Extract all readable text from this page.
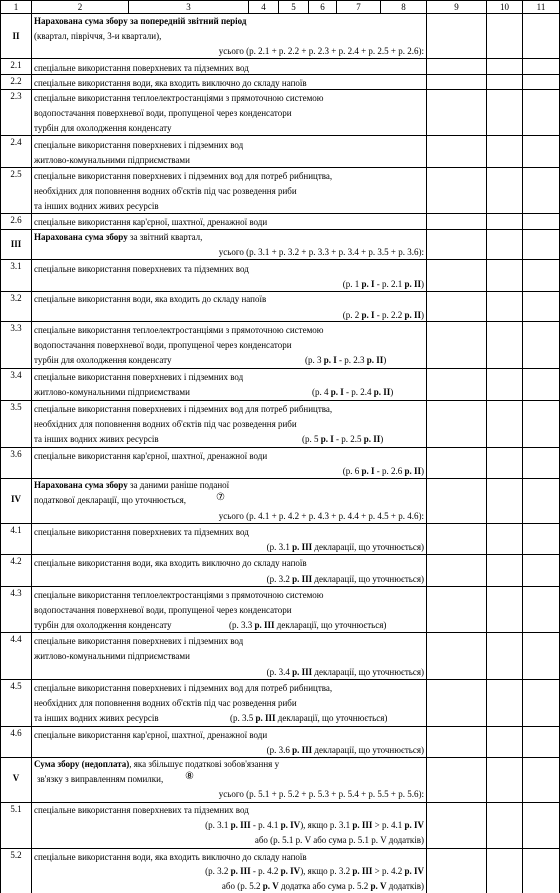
1	2	3	4	5	6	7	8	9	10	11
II
Нарахована сума збору за попередній звітний період
(квартал, півріччя, 3-и квартали),
усього (р. 2.1 + р. 2.2 + р. 2.3 + р. 2.4 + р. 2.5 + р. 2.6):
2.1	спеціальне використання поверхневих та підземних вод
2.2	спеціальне використання води, яка входить виключно до складу напоїв
2.3	спеціальне використання теплоелектростанціями з прямоточною системою
водопостачання поверхневої води, пропущеної через конденсатори
турбін для охолодження конденсату
2.4	спеціальне використання поверхневих і підземних вод
житлово-комунальними підприємствами
2.5	спеціальне використання поверхневих і підземних вод для потреб рибництва,
необхідних для поповнення водних об'єктів під час розведення риби
та інших водних живих ресурсів
2.6	спеціальне використання кар'єрної, шахтної, дренажної води
III
Нарахована сума збору за звітний квартал,
усього (р. 3.1 + р. 3.2 + р. 3.3 + р. 3.4 + р. 3.5 + р. 3.6):
3.1	спеціальне використання поверхневих та підземних вод
(р. 1 р. I - р. 2.1 р. II)
3.2	спеціальне використання води, яка входить до складу напоїв
(р. 2 р. I - р. 2.2 р. II)
3.3	спеціальне використання теплоелектростанціями з прямоточною системою
водопостачання поверхневої води, пропущеної через конденсатори
турбін для охолодження конденсату	(р. 3 р. I - р. 2.3 р. II)
3.4	спеціальне використання поверхневих і підземних вод
житлово-комунальними підприємствами	(р. 4 р. I - р. 2.4 р. II)
3.5	спеціальне використання поверхневих і підземних вод для потреб рибництва,
необхідних для поповнення водних об'єктів під час розведення риби
та інших водних живих ресурсів	(р. 5 р. I - р. 2.5 р. II)
3.6	спеціальне використання кар'єрної, шахтної, дренажної води
(р. 6 р. I - р. 2.6 р. II)
IV
Нарахована сума збору за даними раніше поданої
податкової декларації, що уточнюється,	⑦
усього (р. 4.1 + р. 4.2 + р. 4.3 + р. 4.4 + р. 4.5 + р. 4.6):
4.1	спеціальне використання поверхневих та підземних вод
(р. 3.1 р. III декларації, що уточнюється)
4.2	спеціальне використання води, яка входить виключно до складу напоїв
(р. 3.2 р. III декларації, що уточнюється)
4.3	спеціальне використання теплоелектростанціями з прямоточною системою
водопостачання поверхневої води, пропущеної через конденсатори
турбін для охолодження конденсату	(р. 3.3 р. III декларації, що уточнюється)
4.4	спеціальне використання поверхневих і підземних вод
житлово-комунальними підприємствами
(р. 3.4 р. III декларації, що уточнюється)
4.5	спеціальне використання поверхневих і підземних вод для потреб рибництва,
необхідних для поповнення водних об'єктів під час розведення риби
та інших водних живих ресурсів	(р. 3.5 р. III декларації, що уточнюється)
4.6	спеціальне використання кар'єрної, шахтної, дренажної води
(р. 3.6 р. III декларації, що уточнюється)
V
Сума збору (недоплата), яка збільшує податкові зобов'язання у
зв'язку з виправленням помилки, ⑧
усього (р. 5.1 + р. 5.2 + р. 5.3 + р. 5.4 + р. 5.5 + р. 5.6):
5.1	спеціальне використання поверхневих та підземних вод
(р. 3.1 р. III - р. 4.1 р. IV), якщо р. 3.1 р. III > р. 4.1 р. IV
або (р. 5.1 р. V або сума р. 5.1 р. V додатків)
5.2	спеціальне використання води, яка входить виключно до складу напоїв
(р. 3.2 р. III - р. 4.2 р. IV), якщо р. 3.2 р. III > р. 4.2 р. IV
або (р. 5.2 р. V додатка або сума р. 5.2 р. V додатків)
